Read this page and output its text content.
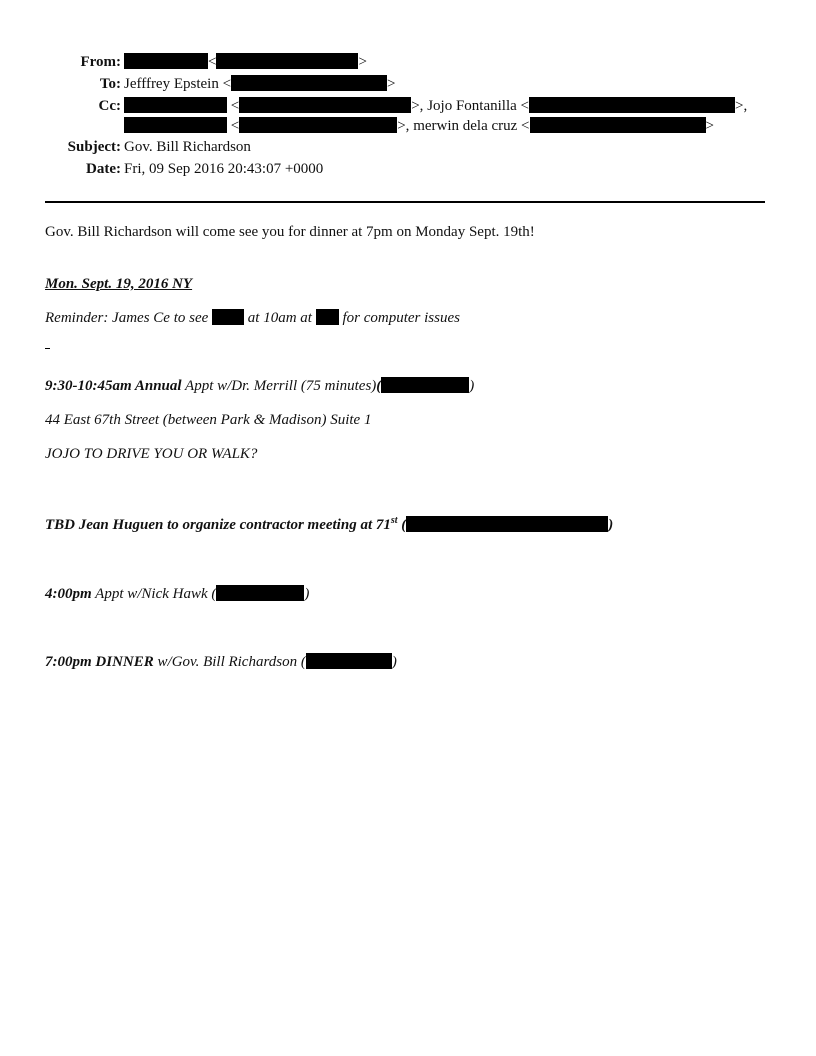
From:	<	>
To: Jefffrey Epstein <	>
Cc:	<	>, Jojo Fontanilla <	>,
<	>, merwin dela cruz <	>
Subject: Gov. Bill Richardson
Date: Fri, 09 Sep 2016 20:43:07 +0000
Gov. Bill Richardson will come see you for dinner at 7pm on Monday Sept. 19th!
Mon. Sept. 19, 2016 NY
Reminder: James Ce to see	at 10am at for computer issues
9:30-10:45am Annual Appt w/Dr. Merrill (75 minutes)(	)
44 East 67th Street (between Park & Madison) Suite 1
JOJO TO DRIVE YOU OR WALK?
TBD Jean Huguen to organize contractor meeting at 71st (	)
4:00pm Appt w/Nick Hawk (	)
7:00pm DINNER w/Gov. Bill Richardson (	)
